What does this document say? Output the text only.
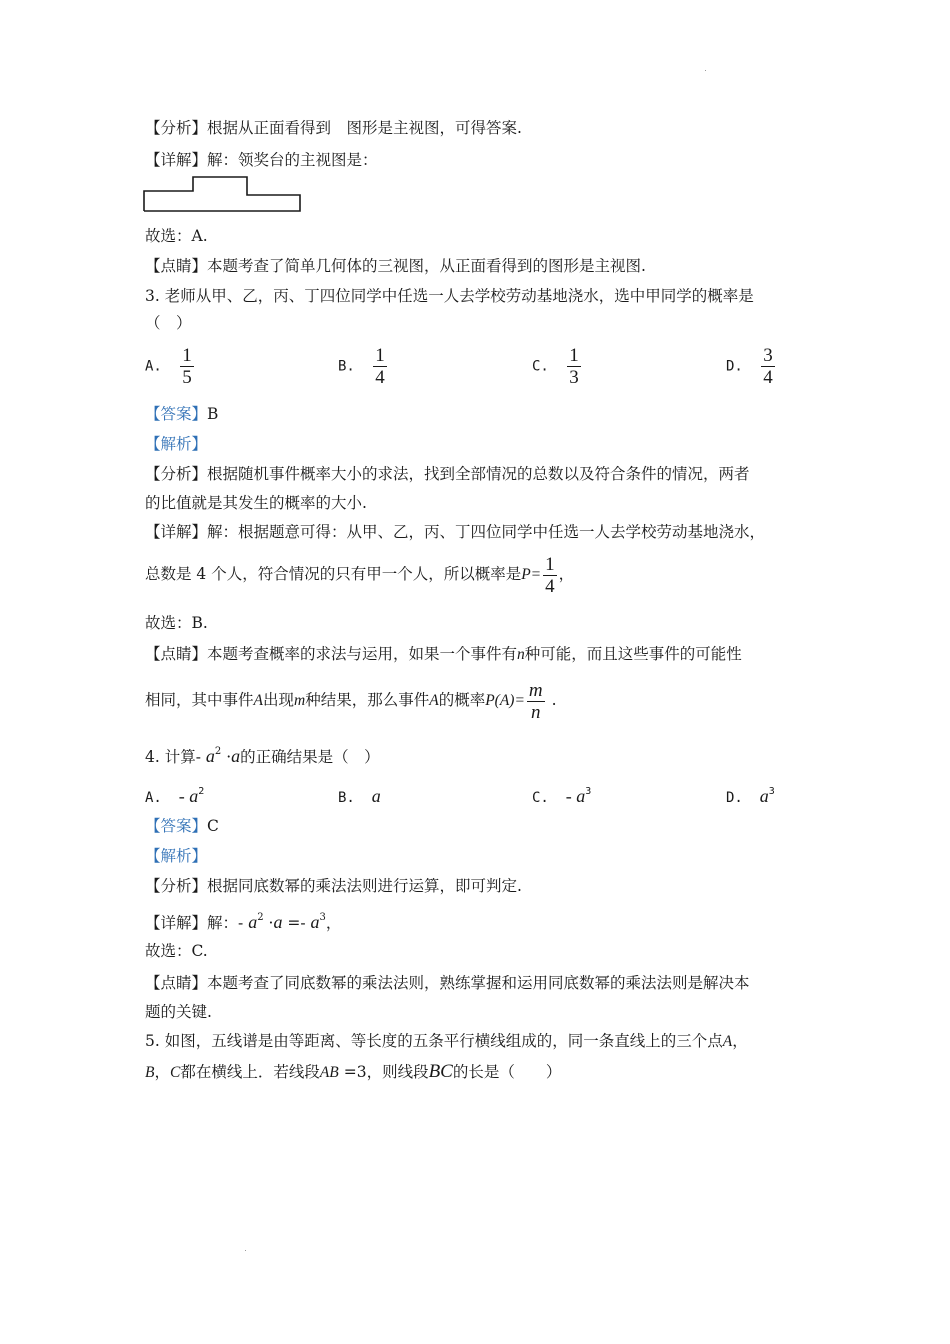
【分析】根据从正面看得到　图形是主视图，可得答案.
【详解】解：领奖台的主视图是：
故选：A.
【点睛】本题考查了简单几何体的三视图，从正面看得到的图形是主视图.
3. 老师从甲、乙，丙、丁四位同学中任选一人去学校劳动基地浇水，选中甲同学的概率是
（　）
A. $\frac{1}{5}$	B. $\frac{1}{4}$	C. $\frac{1}{3}$	D. $\frac{3}{4}$
【答案】B
【解析】
【分析】根据随机事件概率大小的求法，找到全部情况的总数以及符合条件的情况，两者
的比值就是其发生的概率的大小.
【详解】解：根据题意可得：从甲、乙，丙、丁四位同学中任选一人去学校劳动基地浇水，
总数是 4 个人，符合情况的只有甲一个人，所以概率是$P= \frac{1}{4}$ ，
故选：B.
【点睛】本题考查概率的求法与运用，如果一个事件有n种可能，而且这些事件的可能性
相同，其中事件A出现m种结果，那么事件A的概率$P(A)= \frac{m}{n}$ .
4. 计算- $a^2 \cdot a$的正确结果是（　）
A. - $a^2$	B. a	C. - $a^3$	D. $a^3$
【答案】C
【解析】
【分析】根据同底数幂的乘法法则进行运算，即可判定.
【详解】解：- $a^2 \cdot a =- a^3$，
故选：C.
【点睛】本题考查了同底数幂的乘法法则，熟练掌握和运用同底数幂的乘法法则是解决本
题的关键.
5. 如图，五线谱是由等距离、等长度的五条平行横线组成的，同一条直线上的三个点A，
B，C都在横线上．若线段AB =3，则线段BC的长是（　　）
